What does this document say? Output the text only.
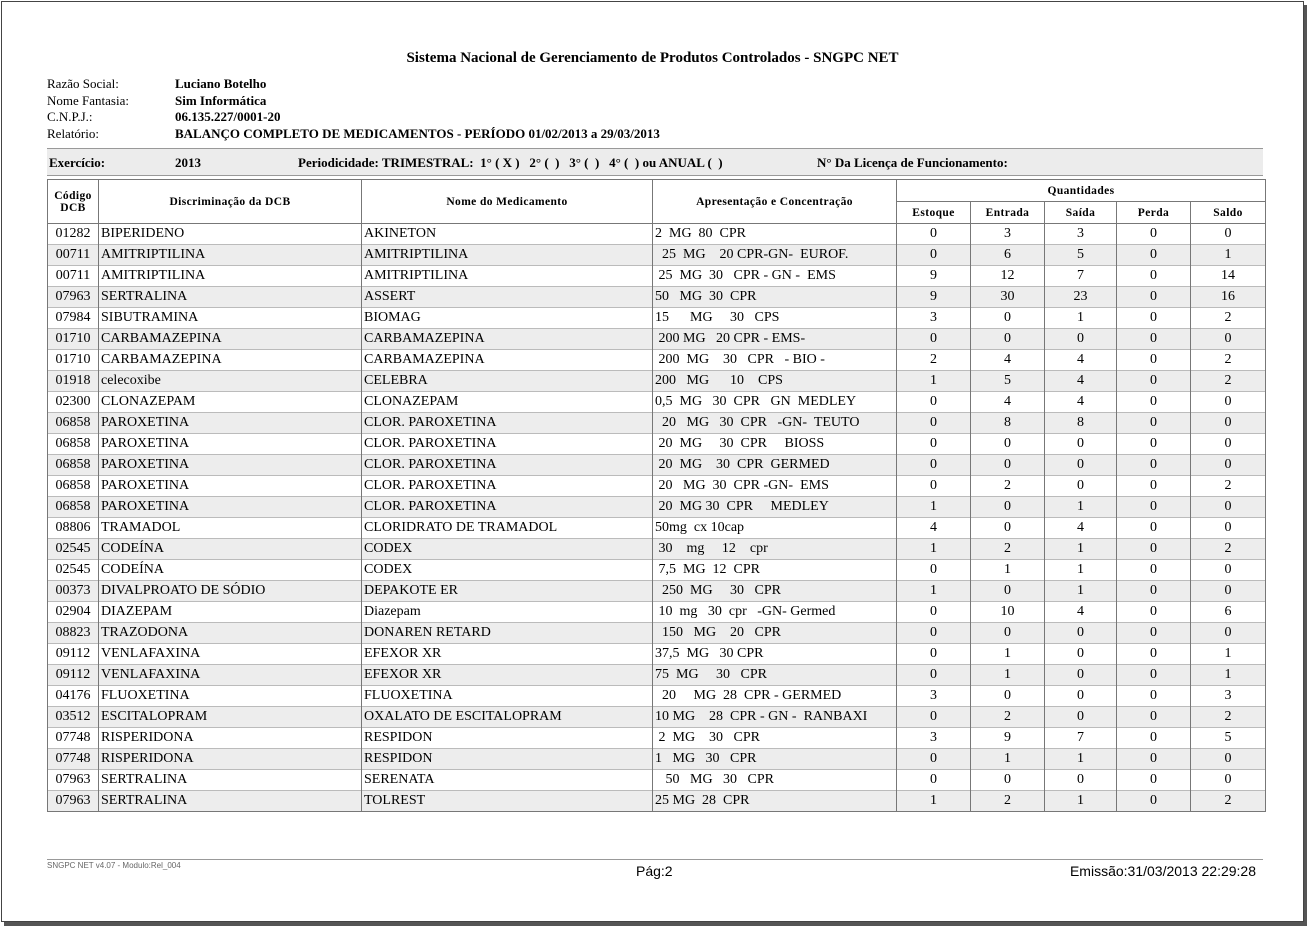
Sistema Nacional de Gerenciamento de Produtos Controlados - SNGPC NET
Razão Social:	Luciano Botelho
Nome Fantasia:	Sim Informática
C.N.P.J.:	06.135.227/0001-20
Relatório:	BALANÇO COMPLETO DE MEDICAMENTOS - PERÍODO 01/02/2013 a 29/03/2013
Exercício:	2013	Periodicidade: TRIMESTRAL:  1° ( X )   2° (  )   3° (  )   4° (  ) ou ANUAL (  )	N° Da Licença de Funcionamento:
Código DCB	Discriminação da DCB	Nome do Medicamento	Apresentação e Concentração	Quantidades				
				Estoque	Entrada	Saída	Perda	Saldo
01282	BIPERIDENO	AKINETON	2  MG  80  CPR	0	3	3	0	0
00711	AMITRIPTILINA	AMITRIPTILINA	25  MG    20 CPR-GN-  EUROF.	0	6	5	0	1
00711	AMITRIPTILINA	AMITRIPTILINA	25  MG  30   CPR - GN -  EMS	9	12	7	0	14
07963	SERTRALINA	ASSERT	50   MG  30  CPR	9	30	23	0	16
07984	SIBUTRAMINA	BIOMAG	15      MG     30   CPS	3	0	1	0	2
01710	CARBAMAZEPINA	CARBAMAZEPINA	200 MG   20 CPR - EMS-	0	0	0	0	0
01710	CARBAMAZEPINA	CARBAMAZEPINA	200  MG    30   CPR   - BIO -	2	4	4	0	2
01918	celecoxibe	CELEBRA	200   MG      10    CPS	1	5	4	0	2
02300	CLONAZEPAM	CLONAZEPAM	0,5  MG   30  CPR   GN  MEDLEY	0	4	4	0	0
06858	PAROXETINA	CLOR. PAROXETINA	20   MG   30  CPR   -GN-  TEUTO	0	8	8	0	0
06858	PAROXETINA	CLOR. PAROXETINA	20  MG     30  CPR     BIOSS	0	0	0	0	0
06858	PAROXETINA	CLOR. PAROXETINA	20  MG    30  CPR  GERMED	0	0	0	0	0
06858	PAROXETINA	CLOR. PAROXETINA	20   MG  30  CPR -GN-  EMS	0	2	0	0	2
06858	PAROXETINA	CLOR. PAROXETINA	20  MG 30  CPR     MEDLEY	1	0	1	0	0
08806	TRAMADOL	CLORIDRATO DE TRAMADOL	50mg  cx 10cap	4	0	4	0	0
02545	CODEÍNA	CODEX	30    mg     12    cpr	1	2	1	0	2
02545	CODEÍNA	CODEX	7,5  MG  12  CPR	0	1	1	0	0
00373	DIVALPROATO DE SÓDIO	DEPAKOTE ER	250  MG     30   CPR	1	0	1	0	0
02904	DIAZEPAM	Diazepam	10  mg   30  cpr   -GN- Germed	0	10	4	0	6
08823	TRAZODONA	DONAREN RETARD	150   MG    20   CPR	0	0	0	0	0
09112	VENLAFAXINA	EFEXOR XR	37,5  MG   30 CPR	0	1	0	0	1
09112	VENLAFAXINA	EFEXOR XR	75  MG     30   CPR	0	1	0	0	1
04176	FLUOXETINA	FLUOXETINA	20     MG  28  CPR - GERMED	3	0	0	0	3
03512	ESCITALOPRAM	OXALATO DE ESCITALOPRAM	10 MG    28  CPR - GN -  RANBAXI	0	2	0	0	2
07748	RISPERIDONA	RESPIDON	2  MG    30   CPR	3	9	7	0	5
07748	RISPERIDONA	RESPIDON	1   MG   30   CPR	0	1	1	0	0
07963	SERTRALINA	SERENATA	50   MG   30   CPR	0	0	0	0	0
07963	SERTRALINA	TOLREST	25 MG  28  CPR	1	2	1	0	2
SNGPC NET v4.07 - Modulo:Rel_004	Pág:2	Emissão:31/03/2013 22:29:28
